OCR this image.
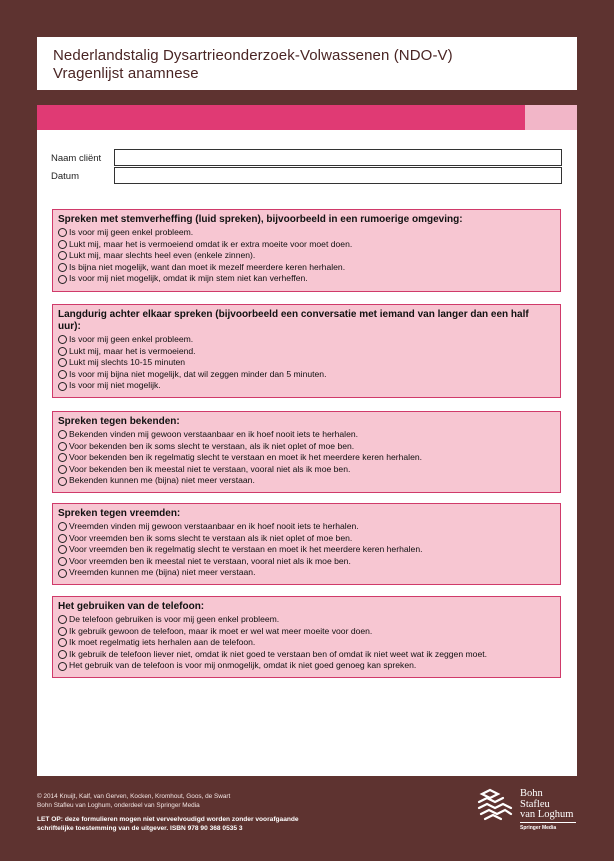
Nederlandstalig Dysartrieonderzoek-Volwassenen (NDO-V)
Vragenlijst anamnese
Naam cliënt
Datum
Spreken met stemverheffing (luid spreken), bijvoorbeeld in een rumoerige omgeving:
Is voor mij geen enkel probleem.
Lukt mij, maar het is vermoeiend omdat ik er extra moeite voor moet doen.
Lukt mij, maar slechts heel even (enkele zinnen).
Is bijna niet mogelijk, want dan moet ik mezelf meerdere keren herhalen.
Is voor mij niet mogelijk, omdat ik mijn stem niet kan verheffen.
Langdurig achter elkaar spreken (bijvoorbeeld een conversatie met iemand van langer dan een half uur):
Is voor mij geen enkel probleem.
Lukt mij, maar het is vermoeiend.
Lukt mij slechts 10-15 minuten
Is voor mij bijna niet mogelijk, dat wil zeggen minder dan 5 minuten.
Is voor mij niet mogelijk.
Spreken tegen bekenden:
Bekenden vinden mij gewoon verstaanbaar en ik hoef nooit iets te herhalen.
Voor bekenden ben ik soms slecht te verstaan, als ik niet oplet of moe ben.
Voor bekenden ben ik regelmatig slecht te verstaan en moet ik het meerdere keren herhalen.
Voor bekenden ben ik meestal niet te verstaan, vooral niet als ik moe ben.
Bekenden kunnen me (bijna) niet meer verstaan.
Spreken tegen vreemden:
Vreemden vinden mij gewoon verstaanbaar en ik hoef nooit iets te herhalen.
Voor vreemden ben ik soms slecht te verstaan als ik niet oplet of moe ben.
Voor vreemden ben ik regelmatig slecht te verstaan en moet ik het meerdere keren herhalen.
Voor vreemden ben ik meestal niet te verstaan, vooral niet als ik moe ben.
Vreemden kunnen me (bijna) niet meer verstaan.
Het gebruiken van de telefoon:
De telefoon gebruiken is voor mij geen enkel probleem.
Ik gebruik gewoon de telefoon, maar ik moet er wel wat meer moeite voor doen.
Ik moet regelmatig iets herhalen aan de telefoon.
Ik gebruik de telefoon liever niet, omdat ik niet goed te verstaan ben of omdat ik niet weet wat ik zeggen moet.
Het gebruik van de telefoon is voor mij onmogelijk, omdat ik niet goed genoeg kan spreken.
© 2014 Knuijt, Kalf, van Gerven, Kocken, Kromhout, Goos, de Swart
Bohn Stafleu van Loghum, onderdeel van Springer Media
LET OP: deze formulieren mogen niet verveelvoudigd worden zonder voorafgaande
schriftelijke toestemming van de uitgever. ISBN 978 90 368 0535 3
Bohn
Stafleu
van Loghum
Springer Media
